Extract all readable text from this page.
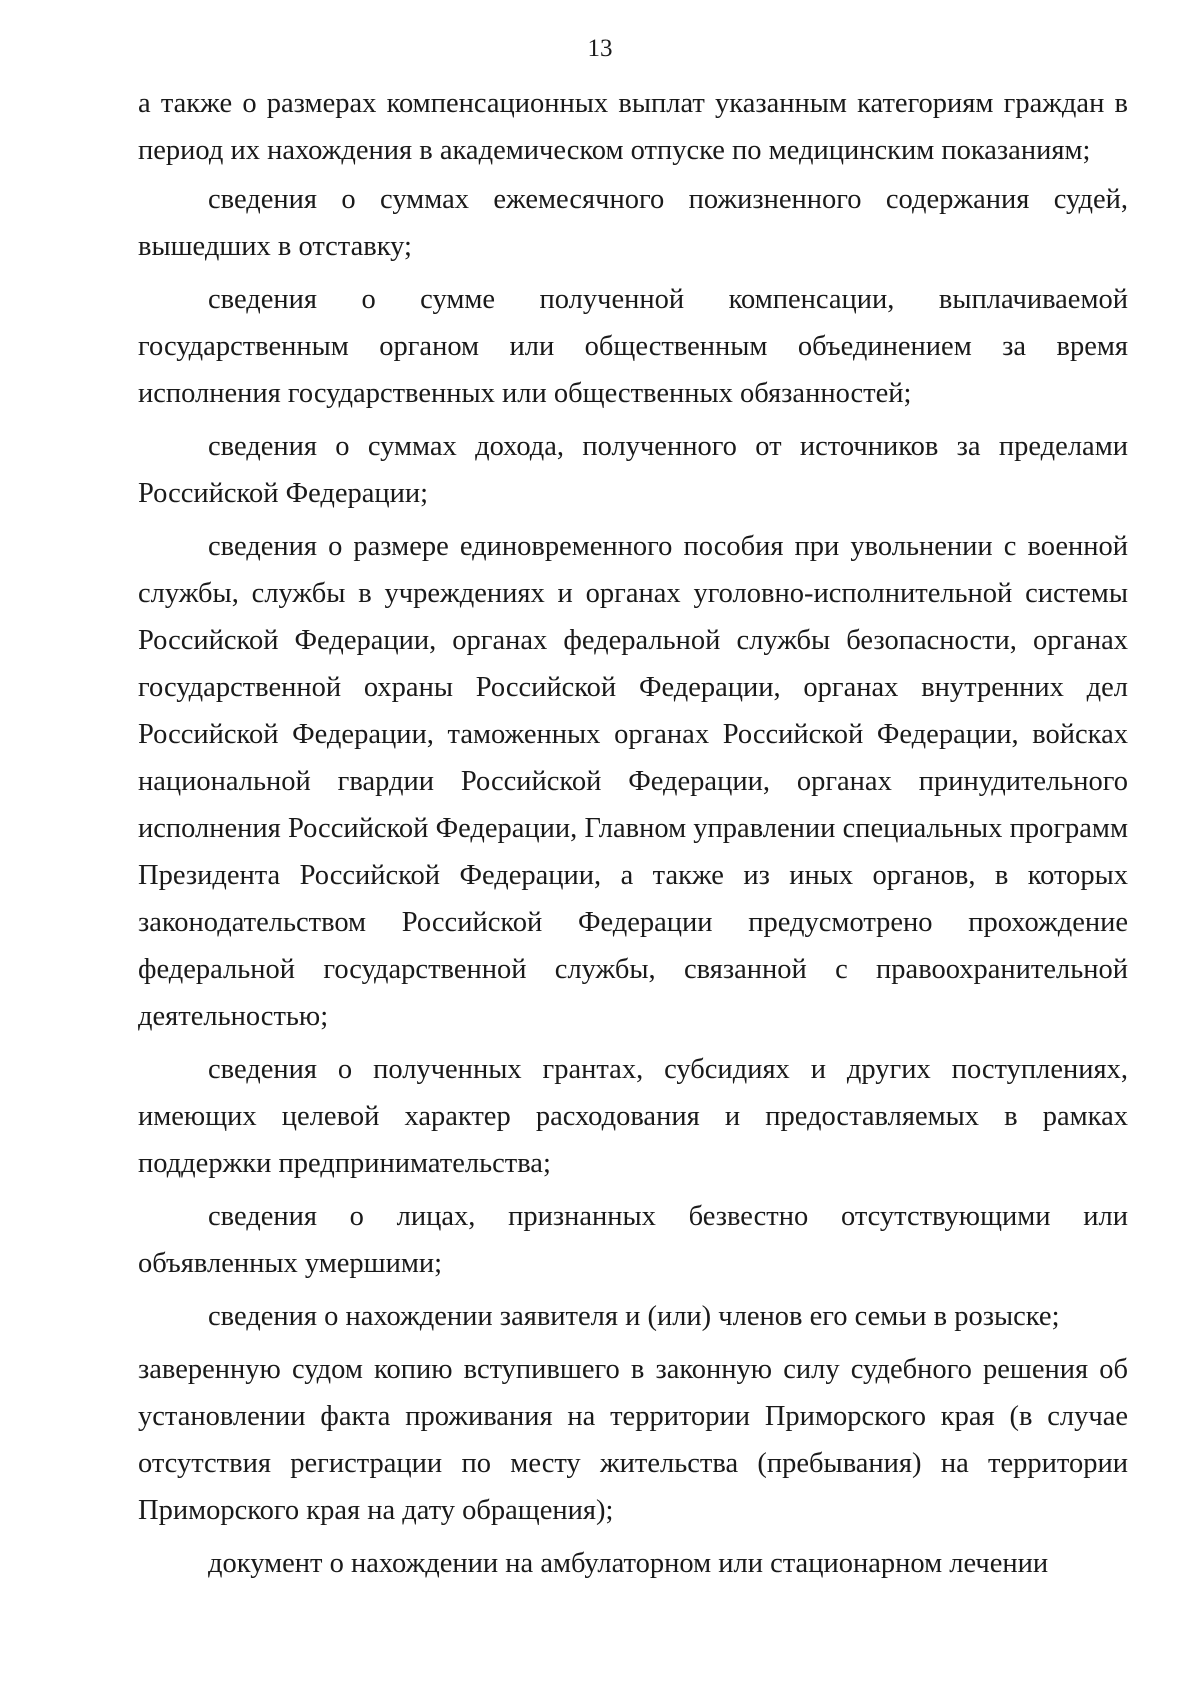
13

а также о размерах компенсационных выплат указанным категориям граждан в период их нахождения в академическом отпуске по медицинским показаниям;

сведения о суммах ежемесячного пожизненного содержания судей, вышедших в отставку;

сведения о сумме полученной компенсации, выплачиваемой государственным органом или общественным объединением за время исполнения государственных или общественных обязанностей;

сведения о суммах дохода, полученного от источников за пределами Российской Федерации;

сведения о размере единовременного пособия при увольнении с военной службы, службы в учреждениях и органах уголовно-исполнительной системы Российской Федерации, органах федеральной службы безопасности, органах государственной охраны Российской Федерации, органах внутренних дел Российской Федерации, таможенных органах Российской Федерации, войсках национальной гвардии Российской Федерации, органах принудительного исполнения Российской Федерации, Главном управлении специальных программ Президента Российской Федерации, а также из иных органов, в которых законодательством Российской Федерации предусмотрено прохождение федеральной государственной службы, связанной с правоохранительной деятельностью;

сведения о полученных грантах, субсидиях и других поступлениях, имеющих целевой характер расходования и предоставляемых в рамках поддержки предпринимательства;

сведения о лицах, признанных безвестно отсутствующими или объявленных умершими;

сведения о нахождении заявителя и (или) членов его семьи в розыске;

заверенную судом копию вступившего в законную силу судебного решения об установлении факта проживания на территории Приморского края (в случае отсутствия регистрации по месту жительства (пребывания) на территории Приморского края на дату обращения);

документ о нахождении на амбулаторном или стационарном лечении
